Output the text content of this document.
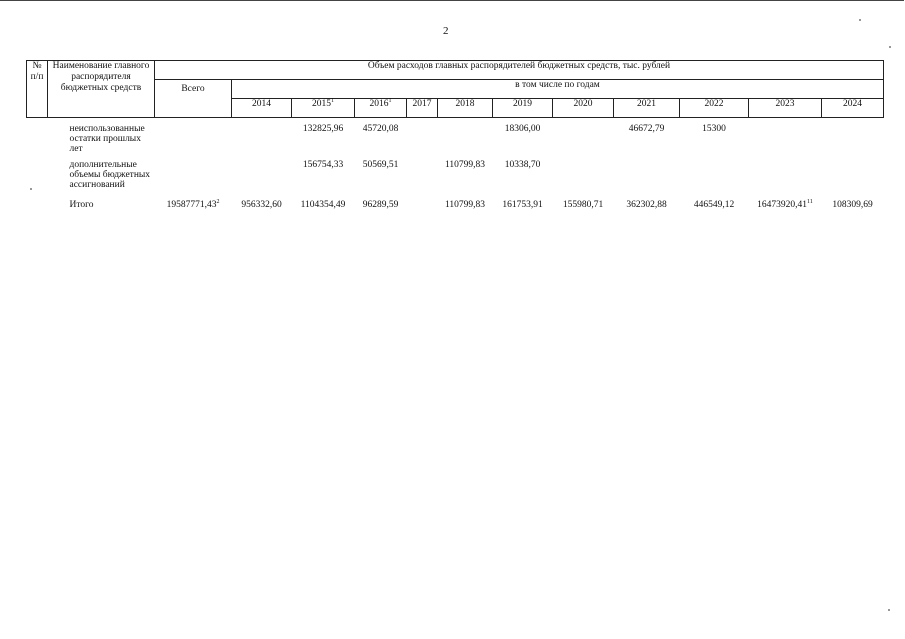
2
№ п/п	Наименование главного распорядителя бюджетных средств	Объем расходов главных распорядителей бюджетных средств, тыс. рублей											
		Всего	в том числе по годам										
			2014	2015$^1$	2016$^1$	2017	2018	2019	2020	2021	2022	2023	2024
	неиспользованные остатки прошлых лет			132825,96	45720,08			18306,00		46672,79	15300		
	дополнительные объемы бюджетных ассигнований			156754,33	50569,51		110799,83	10338,70					
	Итого	19587771,43$^2$	956332,60	1104354,49	96289,59		110799,83	161753,91	155980,71	362302,88	446549,12	16473920,41$^{11}$	108309,69
